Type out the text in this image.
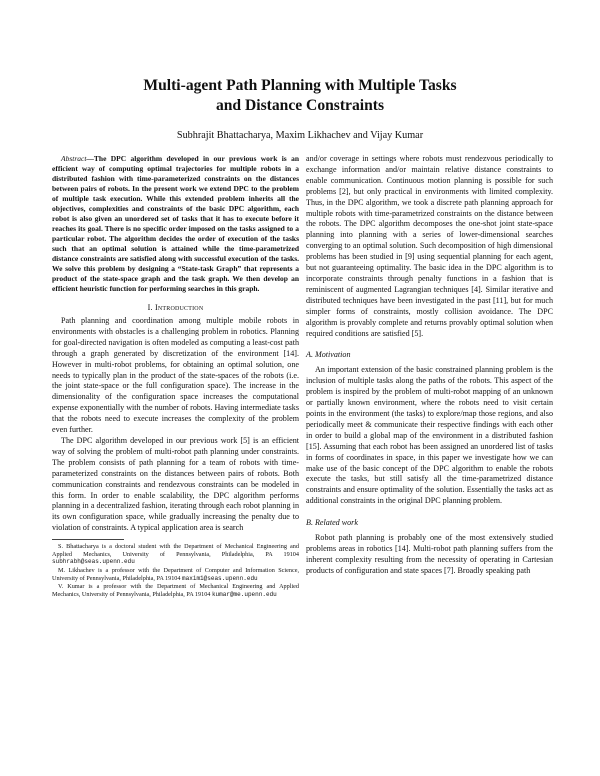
Multi-agent Path Planning with Multiple Tasks
and Distance Constraints
Subhrajit Bhattacharya, Maxim Likhachev and Vijay Kumar

Abstract—The DPC algorithm developed in our previous work is an efficient way of computing optimal trajectories for multiple robots in a distributed fashion with time-parameterized constraints on the distances between pairs of robots. In the present work we extend DPC to the problem of multiple task execution. While this extended problem inherits all the objectives, complexities and constraints of the basic DPC algorithm, each robot is also given an unordered set of tasks that it has to execute before it reaches its goal. There is no specific order imposed on the tasks assigned to a particular robot. The algorithm decides the order of execution of the tasks such that an optimal solution is attained while the time-parametrized distance constraints are satisfied along with successful execution of the tasks. We solve this problem by designing a “State-task Graph” that represents a product of the state-space graph and the task graph. We then develop an efficient heuristic function for performing searches in this graph.

I. Introduction

Path planning and coordination among multiple mobile robots in environments with obstacles is a challenging problem in robotics. Planning for goal-directed navigation is often modeled as computing a least-cost path through a graph generated by discretization of the environment [14]. However in multi-robot problems, for obtaining an optimal solution, one needs to typically plan in the product of the state-spaces of the robots (i.e. the joint state-space or the full configuration space). The increase in the dimensionality of the configuration space increases the computational expense exponentially with the number of robots. Having intermediate tasks that the robots need to execute increases the complexity of the problem even further.

The DPC algorithm developed in our previous work [5] is an efficient way of solving the problem of multi-robot path planning under constraints. The problem consists of path planning for a team of robots with time-parameterized constraints on the distances between pairs of robots. Both communication constraints and rendezvous constraints can be modeled in this form. In order to enable scalability, the DPC algorithm performs planning in a decentralized fashion, iterating through each robot planning in its own configuration space, while gradually increasing the penalty due to violation of constraints. A typical application area is search

S. Bhattacharya is a doctoral student with the Department of Mechanical Engineering and Applied Mechanics, University of Pennsylvania, Philadelphia, PA 19104 subhrabh@seas.upenn.edu

M. Likhachev is a professor with the Department of Computer and Information Science, University of Pennsylvania, Philadelphia, PA 19104 maxim1@seas.upenn.edu

V. Kumar is a professor with the Department of Mechanical Engineering and Applied Mechanics, University of Pennsylvania, Philadelphia, PA 19104 kumar@me.upenn.edu

and/or coverage in settings where robots must rendezvous periodically to exchange information and/or maintain relative distance constraints to enable communication. Continuous motion planning is possible for such problems [2], but only practical in environments with limited complexity. Thus, in the DPC algorithm, we took a discrete path planning approach for multiple robots with time-parametrized constraints on the distance between the robots. The DPC algorithm decomposes the one-shot joint state-space planning into planning with a series of lower-dimensional searches converging to an optimal solution. Such decomposition of high dimensional problems has been studied in [9] using sequential planning for each agent, but not guaranteeing optimality. The basic idea in the DPC algorithm is to incorporate constraints through penalty functions in a fashion that is reminiscent of augmented Lagrangian techniques [4]. Similar iterative and distributed techniques have been investigated in the past [11], but for much simpler forms of constraints, mostly collision avoidance. The DPC algorithm is provably complete and returns provably optimal solution when required conditions are satisfied [5].

A. Motivation

An important extension of the basic constrained planning problem is the inclusion of multiple tasks along the paths of the robots. This aspect of the problem is inspired by the problem of multi-robot mapping of an unknown or partially known environment, where the robots need to visit certain points in the environment (the tasks) to explore/map those regions, and also periodically meet & communicate their respective findings with each other in order to build a global map of the environment in a distributed fashion [15]. Assuming that each robot has been assigned an unordered list of tasks in forms of coordinates in space, in this paper we investigate how we can make use of the basic concept of the DPC algorithm to enable the robots execute the tasks, but still satisfy all the time-parametrized distance constraints and ensure optimality of the solution. Essentially the tasks act as additional constraints in the original DPC planning problem.

B. Related work

Robot path planning is probably one of the most extensively studied problems areas in robotics [14]. Multi-robot path planning suffers from the inherent complexity resulting from the necessity of operating in Cartesian products of configuration and state spaces [7]. Broadly speaking path
